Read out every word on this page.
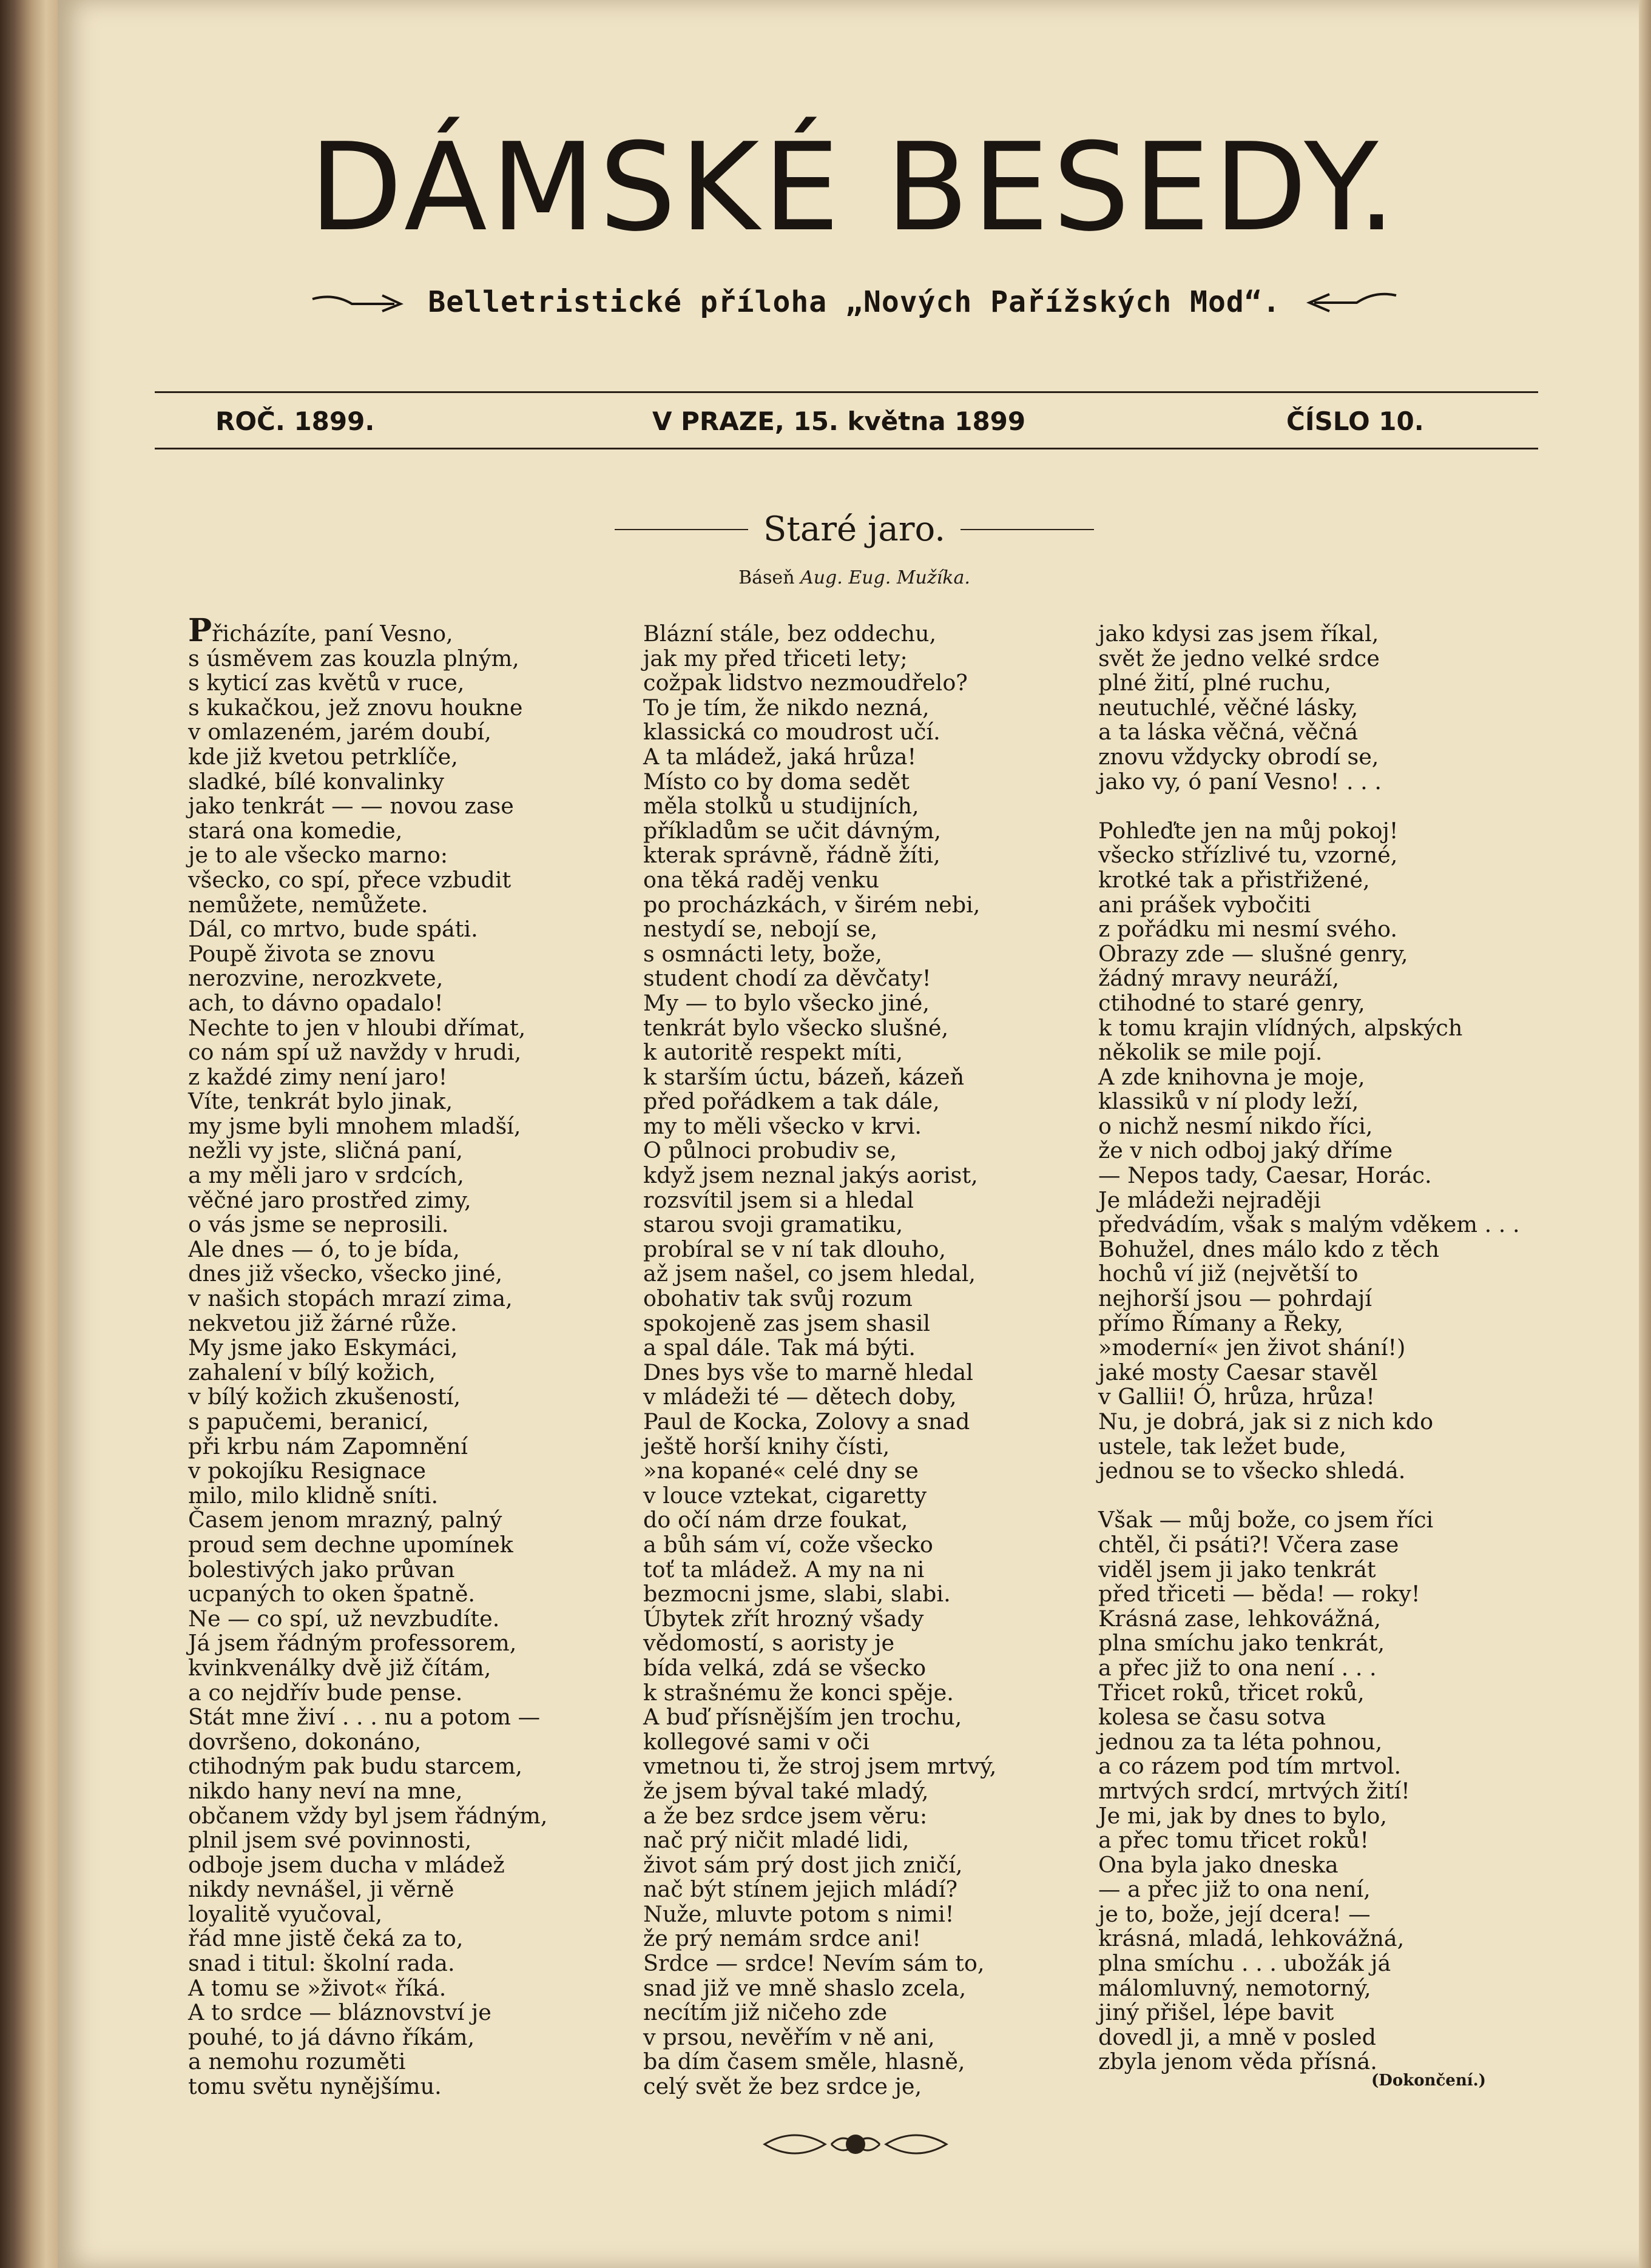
DÁMSKÉ BESEDY.
Belletristické příloha „Nových Pařížských Mod“.
ROČ. 1899.	V PRAZE, 15. května 1899	ČÍSLO 10.
Staré jaro.
Báseň Aug. Eug. Mužíka.
Přicházíte, paní Vesno,
s úsměvem zas kouzla plným,
s kyticí zas květů v ruce,
s kukačkou, jež znovu houkne
v omlazeném, jarém doubí,
kde již kvetou petrklíče,
sladké, bílé konvalinky
jako tenkrát — — novou zase
stará ona komedie,
je to ale všecko marno:
všecko, co spí, přece vzbudit
nemůžete, nemůžete.
Dál, co mrtvo, bude spáti.
Poupě života se znovu
nerozvine, nerozkvete,
ach, to dávno opadalo!
Nechte to jen v hloubi dřímat,
co nám spí už navždy v hrudi,
z každé zimy není jaro!
Víte, tenkrát bylo jinak,
my jsme byli mnohem mladší,
nežli vy jste, sličná paní,
a my měli jaro v srdcích,
věčné jaro prostřed zimy,
o vás jsme se neprosili.
Ale dnes — ó, to je bída,
dnes již všecko, všecko jiné,
v našich stopách mrazí zima,
nekvetou již žárné růže.
My jsme jako Eskymáci,
zahalení v bílý kožich,
v bílý kožich zkušeností,
s papučemi, beranicí,
při krbu nám Zapomnění
v pokojíku Resignace
milo, milo klidně sníti.
Časem jenom mrazný, palný
proud sem dechne upomínek
bolestivých jako průvan
ucpaných to oken špatně.
Ne — co spí, už nevzbudíte.
Já jsem řádným professorem,
kvinkvenálky dvě již čítám,
a co nejdřív bude pense.
Stát mne živí . . . nu a potom —
dovršeno, dokonáno,
ctihodným pak budu starcem,
nikdo hany neví na mne,
občanem vždy byl jsem řádným,
plnil jsem své povinnosti,
odboje jsem ducha v mládež
nikdy nevnášel, ji věrně
loyalitě vyučoval,
řád mne jistě čeká za to,
snad i titul: školní rada.
A tomu se »život« říká.
A to srdce — bláznovství je
pouhé, to já dávno říkám,
a nemohu rozuměti
tomu světu nynějšímu.
Blázní stále, bez oddechu,
jak my před třiceti lety;
cožpak lidstvo nezmoudřelo?
To je tím, že nikdo nezná,
klassická co moudrost učí.
A ta mládež, jaká hrůza!
Místo co by doma sedět
měla stolků u studijních,
příkladům se učit dávným,
kterak správně, řádně žíti,
ona těká raděj venku
po procházkách, v širém nebi,
nestydí se, nebojí se,
s osmnácti lety, bože,
student chodí za děvčaty!
My — to bylo všecko jiné,
tenkrát bylo všecko slušné,
k autoritě respekt míti,
k starším úctu, bázeň, kázeň
před pořádkem a tak dále,
my to měli všecko v krvi.
O půlnoci probudiv se,
když jsem neznal jakýs aorist,
rozsvítil jsem si a hledal
starou svoji gramatiku,
probíral se v ní tak dlouho,
až jsem našel, co jsem hledal,
obohativ tak svůj rozum
spokojeně zas jsem shasil
a spal dále. Tak má býti.
Dnes bys vše to marně hledal
v mládeži té — dětech doby,
Paul de Kocka, Zolovy a snad
ještě horší knihy čísti,
»na kopané« celé dny se
v louce vztekat, cigaretty
do očí nám drze foukat,
a bůh sám ví, cože všecko
toť ta mládež. A my na ni
bezmocni jsme, slabi, slabi.
Úbytek zřít hrozný všady
vědomostí, s aoristy je
bída velká, zdá se všecko
k strašnému že konci spěje.
A buď přísnějším jen trochu,
kollegové sami v oči
vmetnou ti, že stroj jsem mrtvý,
že jsem býval také mladý,
a že bez srdce jsem věru:
nač prý ničit mladé lidi,
život sám prý dost jich zničí,
nač být stínem jejich mládí?
Nuže, mluvte potom s nimi!
že prý nemám srdce ani!
Srdce — srdce! Nevím sám to,
snad již ve mně shaslo zcela,
necítím již ničeho zde
v prsou, nevěřím v ně ani,
ba dím časem směle, hlasně,
celý svět že bez srdce je,
jako kdysi zas jsem říkal,
svět že jedno velké srdce
plné žití, plné ruchu,
neutuchlé, věčné lásky,
a ta láska věčná, věčná
znovu vždycky obrodí se,
jako vy, ó paní Vesno! . . .
Pohleďte jen na můj pokoj!
všecko střízlivé tu, vzorné,
krotké tak a přistřižené,
ani prášek vybočiti
z pořádku mi nesmí svého.
Obrazy zde — slušné genry,
žádný mravy neuráží,
ctihodné to staré genry,
k tomu krajin vlídných, alpských
několik se mile pojí.
A zde knihovna je moje,
klassiků v ní plody leží,
o nichž nesmí nikdo říci,
že v nich odboj jaký dříme
— Nepos tady, Caesar, Horác.
Je mládeži nejraději
předvádím, však s malým vděkem . . .
Bohužel, dnes málo kdo z těch
hochů ví již (největší to
nejhorší jsou — pohrdají
přímo Římany a Řeky,
»moderní« jen život shání!)
jaké mosty Caesar stavěl
v Gallii! Ó, hrůza, hrůza!
Nu, je dobrá, jak si z nich kdo
ustele, tak ležet bude,
jednou se to všecko shledá.
Však — můj bože, co jsem říci
chtěl, či psáti?! Včera zase
viděl jsem ji jako tenkrát
před třiceti — běda! — roky!
Krásná zase, lehkovážná,
plna smíchu jako tenkrát,
a přec již to ona není . . .
Třicet roků, třicet roků,
kolesa se času sotva
jednou za ta léta pohnou,
a co rázem pod tím mrtvol.
mrtvých srdcí, mrtvých žití!
Je mi, jak by dnes to bylo,
a přec tomu třicet roků!
Ona byla jako dneska
— a přec již to ona není,
je to, bože, její dcera! —
krásná, mladá, lehkovážná,
plna smíchu . . . ubožák já
málomluvný, nemotorný,
jiný přišel, lépe bavit
dovedl ji, a mně v posled
zbyla jenom věda přísná.
(Dokončení.)
